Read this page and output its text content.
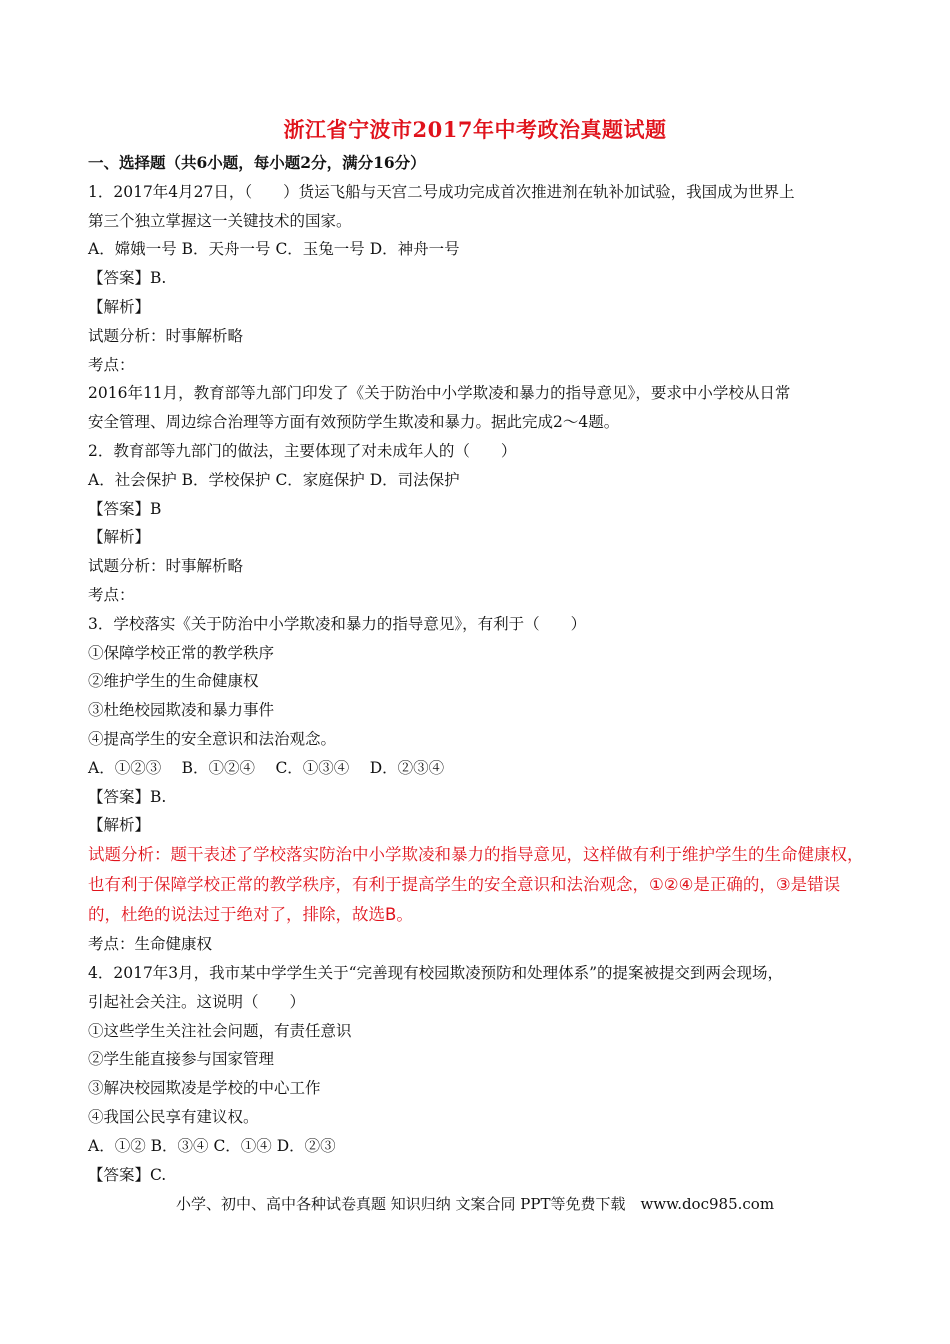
浙江省宁波市2017年中考政治真题试题
一、选择题（共6小题，每小题2分，满分16分）
1．2017年4月27日，（　　）货运飞船与天宫二号成功完成首次推进剂在轨补加试验，我国成为世界上
第三个独立掌握这一关键技术的国家。
A．嫦娥一号 B．天舟一号 C．玉兔一号 D．神舟一号
【答案】B.
【解析】
试题分析：时事解析略
考点：
2016年11月，教育部等九部门印发了《关于防治中小学欺凌和暴力的指导意见》，要求中小学校从日常
安全管理、周边综合治理等方面有效预防学生欺凌和暴力。据此完成2～4题。
2．教育部等九部门的做法，主要体现了对未成年人的（　　）
A．社会保护 B．学校保护 C．家庭保护 D．司法保护
【答案】B
【解析】
试题分析：时事解析略
考点：
3．学校落实《关于防治中小学欺凌和暴力的指导意见》，有利于（　　）
①保障学校正常的教学秩序
②维护学生的生命健康权
③杜绝校园欺凌和暴力事件
④提高学生的安全意识和法治观念。
A．①②③　 B．①②④　 C．①③④　 D．②③④
【答案】B.
【解析】
试题分析：题干表述了学校落实防治中小学欺凌和暴力的指导意见，这样做有利于维护学生的生命健康权，
也有利于保障学校正常的教学秩序，有利于提高学生的安全意识和法治观念，①②④是正确的，③是错误
的，杜绝的说法过于绝对了，排除，故选B。
考点：生命健康权
4．2017年3月，我市某中学学生关于“完善现有校园欺凌预防和处理体系”的提案被提交到两会现场，
引起社会关注。这说明（　　）
①这些学生关注社会问题，有责任意识
②学生能直接参与国家管理
③解决校园欺凌是学校的中心工作
④我国公民享有建议权。
A．①② B．③④ C．①④ D．②③
【答案】C.
小学、初中、高中各种试卷真题 知识归纳 文案合同 PPT等免费下载　www.doc985.com
